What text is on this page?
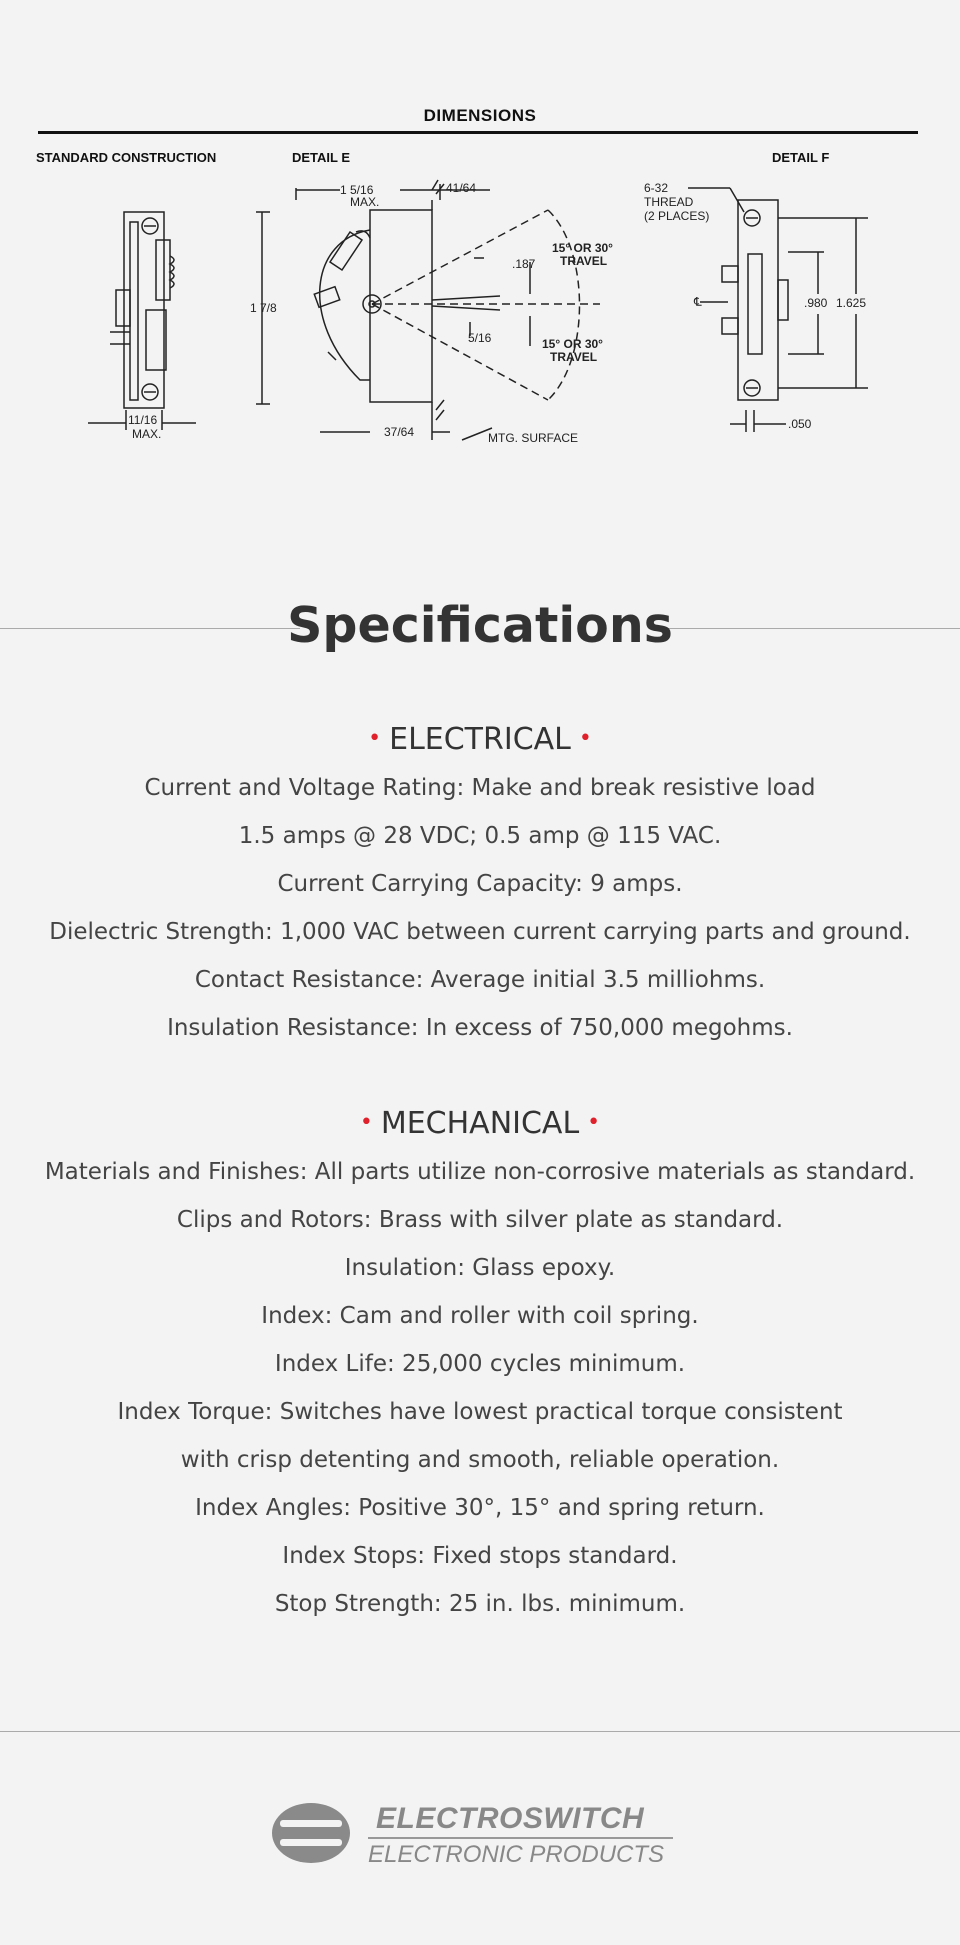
DIMENSIONS
STANDARD CONSTRUCTION	DETAIL E	DETAIL F
11/16
MAX.
1 5/16
MAX.
41/64
1 7/8
.187
15° OR 30°
TRAVEL
5/16	15° OR 30°
TRAVEL
37/64	MTG. SURFACE
6-32
THREAD
(2 PLACES)
.980 1.625
.050
℄
Specifications
• ELECTRICAL •
Current and Voltage Rating: Make and break resistive load
1.5 amps @ 28 VDC; 0.5 amp @ 115 VAC.
Current Carrying Capacity: 9 amps.
Dielectric Strength: 1,000 VAC between current carrying parts and ground.
Contact Resistance: Average initial 3.5 milliohms.
Insulation Resistance: In excess of 750,000 megohms.
• MECHANICAL •
Materials and Finishes: All parts utilize non-corrosive materials as standard.
Clips and Rotors: Brass with silver plate as standard.
Insulation: Glass epoxy.
Index: Cam and roller with coil spring.
Index Life: 25,000 cycles minimum.
Index Torque: Switches have lowest practical torque consistent
with crisp detenting and smooth, reliable operation.
Index Angles: Positive 30°, 15° and spring return.
Index Stops: Fixed stops standard.
Stop Strength: 25 in. lbs. minimum.
ELECTROSWITCH
ELECTRONIC PRODUCTS
